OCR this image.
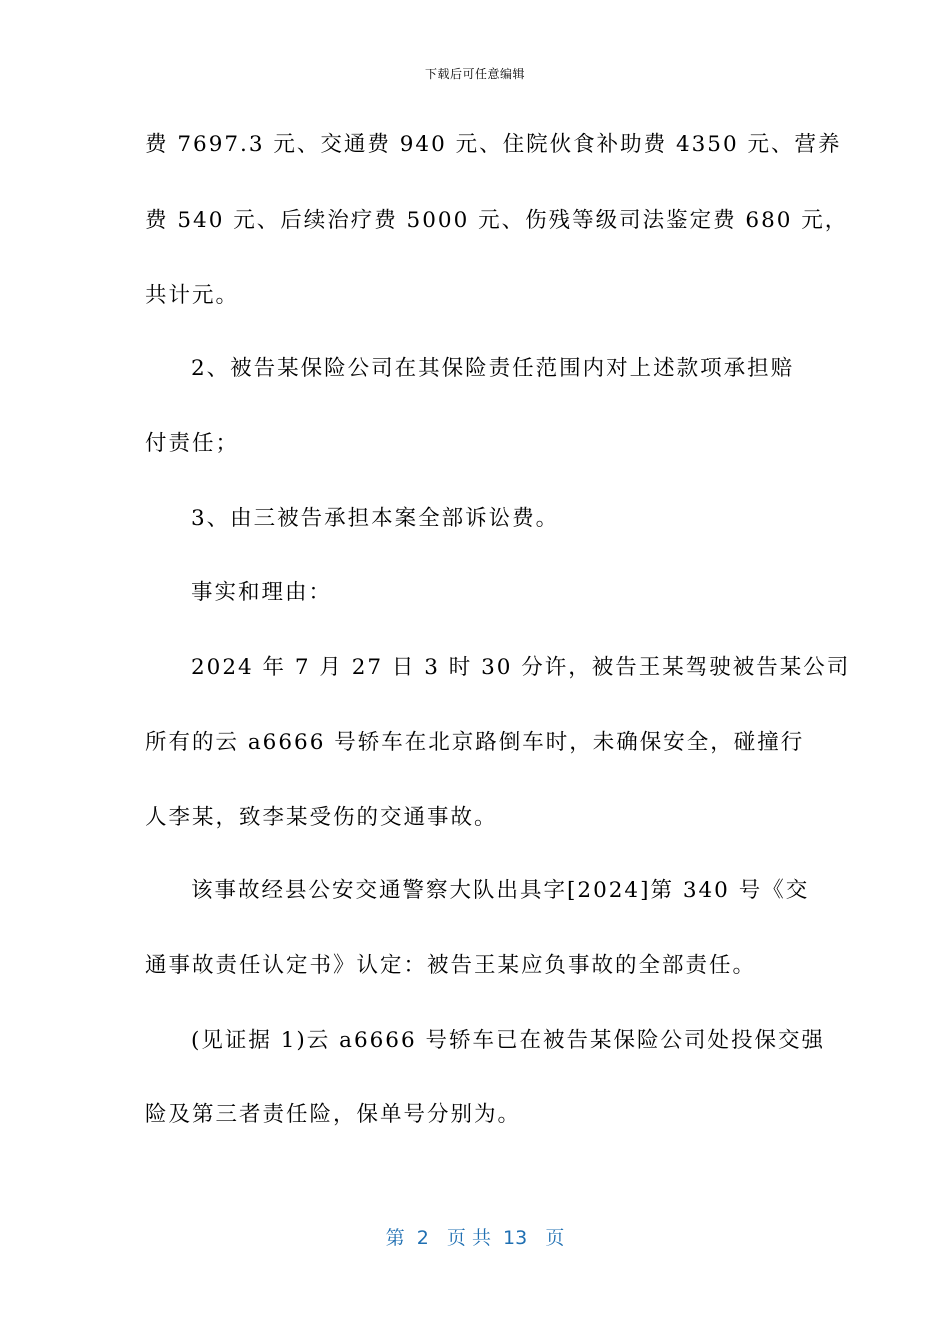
下载后可任意编辑
费 7697.3 元、交通费 940 元、住院伙食补助费 4350 元、营养
费 540 元、后续治疗费 5000 元、伤残等级司法鉴定费 680 元，
共计元。
2、被告某保险公司在其保险责任范围内对上述款项承担赔
付责任；
3、由三被告承担本案全部诉讼费。
事实和理由：
2024 年 7 月 27 日 3 时 30 分许，被告王某驾驶被告某公司
所有的云 a6666 号轿车在北京路倒车时，未确保安全，碰撞行
人李某，致李某受伤的交通事故。
该事故经县公安交通警察大队出具字[2024]第 340 号《交
通事故责任认定书》认定：被告王某应负事故的全部责任。
(见证据 1)云 a6666 号轿车已在被告某保险公司处投保交强
险及第三者责任险，保单号分别为。
第  2   页 共  13   页
